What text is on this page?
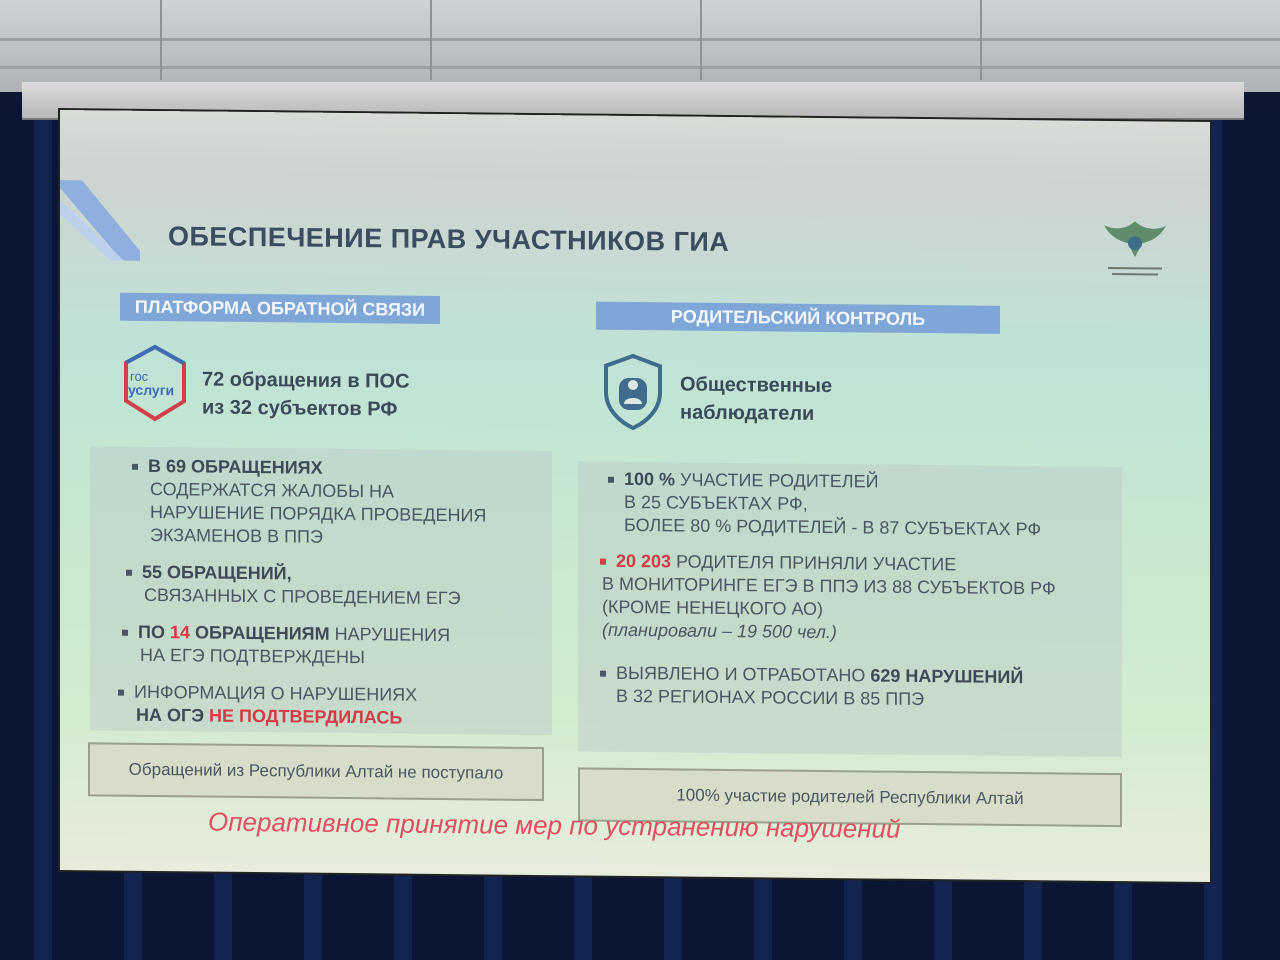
ОБЕСПЕЧЕНИЕ ПРАВ УЧАСТНИКОВ ГИА
ПЛАТФОРМА ОБРАТНОЙ СВЯЗИ
гос
услуги 72 обращения в ПОС
из 32 субъектов РФ
В 69 ОБРАЩЕНИЯХ
СОДЕРЖАТСЯ ЖАЛОБЫ НА
НАРУШЕНИЕ ПОРЯДКА ПРОВЕДЕНИЯ
ЭКЗАМЕНОВ В ППЭ
55 ОБРАЩЕНИЙ,
СВЯЗАННЫХ С ПРОВЕДЕНИЕМ ЕГЭ
ПО 14 ОБРАЩЕНИЯМ НАРУШЕНИЯ
НА ЕГЭ ПОДТВЕРЖДЕНЫ
ИНФОРМАЦИЯ О НАРУШЕНИЯХ
НА ОГЭ НЕ ПОДТВЕРДИЛАСЬ
Обращений из Республики Алтай не поступало
РОДИТЕЛЬСКИЙ КОНТРОЛЬ
Общественные
наблюдатели
100 % УЧАСТИЕ РОДИТЕЛЕЙ
В 25 СУБЪЕКТАХ РФ,
БОЛЕЕ 80 % РОДИТЕЛЕЙ - В 87 СУБЪЕКТАХ РФ
20 203 РОДИТЕЛЯ ПРИНЯЛИ УЧАСТИЕ
В МОНИТОРИНГЕ ЕГЭ В ППЭ ИЗ 88 СУБЪЕКТОВ РФ
(КРОМЕ НЕНЕЦКОГО АО)
(планировали – 19 500 чел.)
ВЫЯВЛЕНО И ОТРАБОТАНО 629 НАРУШЕНИЙ
В 32 РЕГИОНАХ РОССИИ В 85 ППЭ
100% участие родителей Республики Алтай
Оперативное принятие мер по устранению нарушений
